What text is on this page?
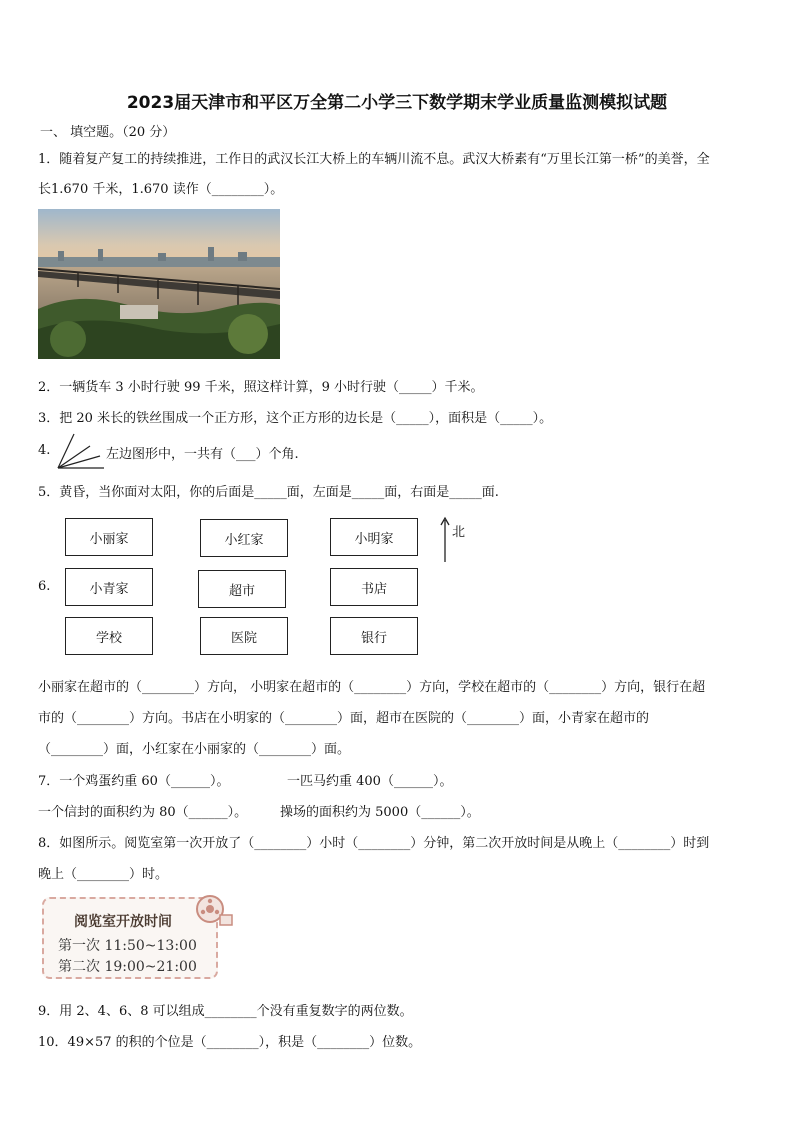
2023届天津市和平区万全第二小学三下数学期末学业质量监测模拟试题
一、 填空题。（20 分）
1．随着复产复工的持续推进，工作日的武汉长江大桥上的车辆川流不息。武汉大桥素有“万里长江第一桥”的美誉，全
长1.670 千米，1.670 读作（________）。
2．一辆货车 3 小时行驶 99 千米，照这样计算，9 小时行驶（_____）千米。
3．把 20 米长的铁丝围成一个正方形，这个正方形的边长是（_____），面积是（_____）。
4.	左边图形中，一共有（___）个角.
5．黄昏，当你面对太阳，你的后面是_____面，左面是_____面，右面是_____面.
6.
小丽家	小红家	小明家
小青家	超市	书店
学校	医院	银行
北
小丽家在超市的（________）方向， 小明家在超市的（________）方向，学校在超市的（________）方向，银行在超
市的（________）方向。书店在小明家的（________）面，超市在医院的（________）面，小青家在超市的
（________）面，小红家在小丽家的（________）面。
7．一个鸡蛋约重 60（______）。	一匹马约重 400（______）。
一个信封的面积约为 80（______）。	操场的面积约为 5000（______）。
8．如图所示。阅览室第一次开放了（________）小时（________）分钟，第二次开放时间是从晚上（________）时到
晚上（________）时。
阅览室开放时间
第一次 11:50~13:00
第二次 19:00~21:00
9．用 2、4、6、8 可以组成________个没有重复数字的两位数。
10．49×57 的积的个位是（________），积是（________）位数。
